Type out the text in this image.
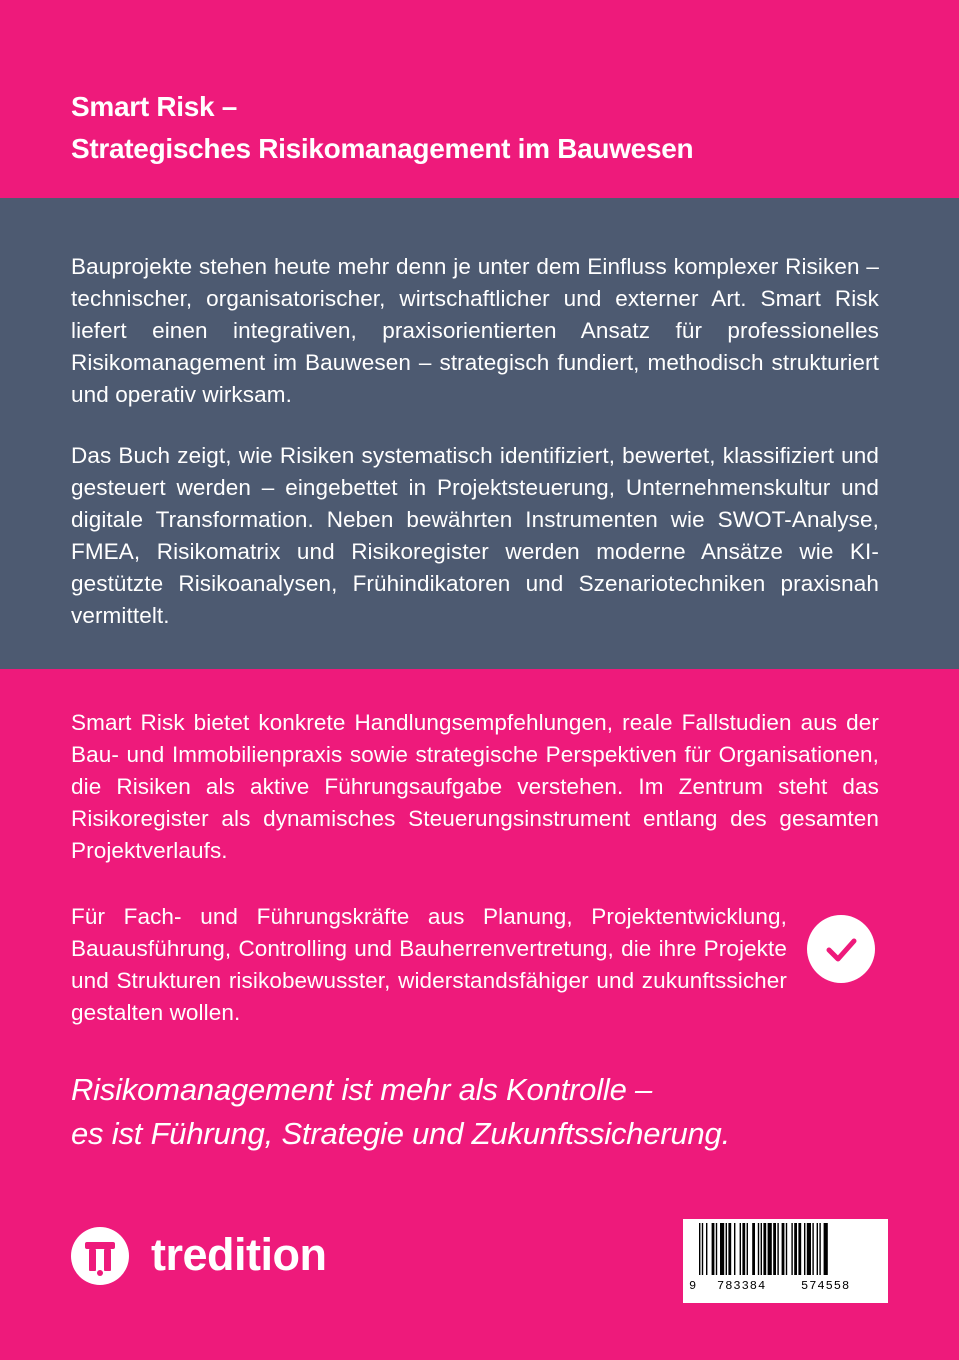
Smart Risk –
Strategisches Risikomanagement im Bauwesen
Bauprojekte stehen heute mehr denn je unter dem Einfluss komplexer Risiken – technischer, organisatorischer, wirtschaftlicher und externer Art. Smart Risk liefert einen integrativen, praxisorientierten Ansatz für professionelles Risikomanagement im Bauwesen – strategisch fundiert, methodisch strukturiert und operativ wirksam.
Das Buch zeigt, wie Risiken systematisch identifiziert, bewertet, klassifiziert und gesteuert werden – eingebettet in Projektsteuerung, Unternehmenskultur und digitale Transformation. Neben bewährten Instrumenten wie SWOT-Analyse, FMEA, Risikomatrix und Risikoregister werden moderne Ansätze wie KI-gestützte Risikoanalysen, Frühindikatoren und Szenariotechniken praxisnah vermittelt.
Smart Risk bietet konkrete Handlungsempfehlungen, reale Fallstudien aus der Bau- und Immobilienpraxis sowie strategische Perspektiven für Organisationen, die Risiken als aktive Führungsaufgabe verstehen. Im Zentrum steht das Risikoregister als dynamisches Steuerungsinstrument entlang des gesamten Projektverlaufs.
Für Fach- und Führungskräfte aus Planung, Projektentwicklung, Bauausführung, Controlling und Bauherrenvertretung, die ihre Projekte und Strukturen risikobewusster, widerstandsfähiger und zukunftssicher gestalten wollen.
Risikomanagement ist mehr als Kontrolle –
es ist Führung, Strategie und Zukunftssicherung.
tredition
9 783384	574558
